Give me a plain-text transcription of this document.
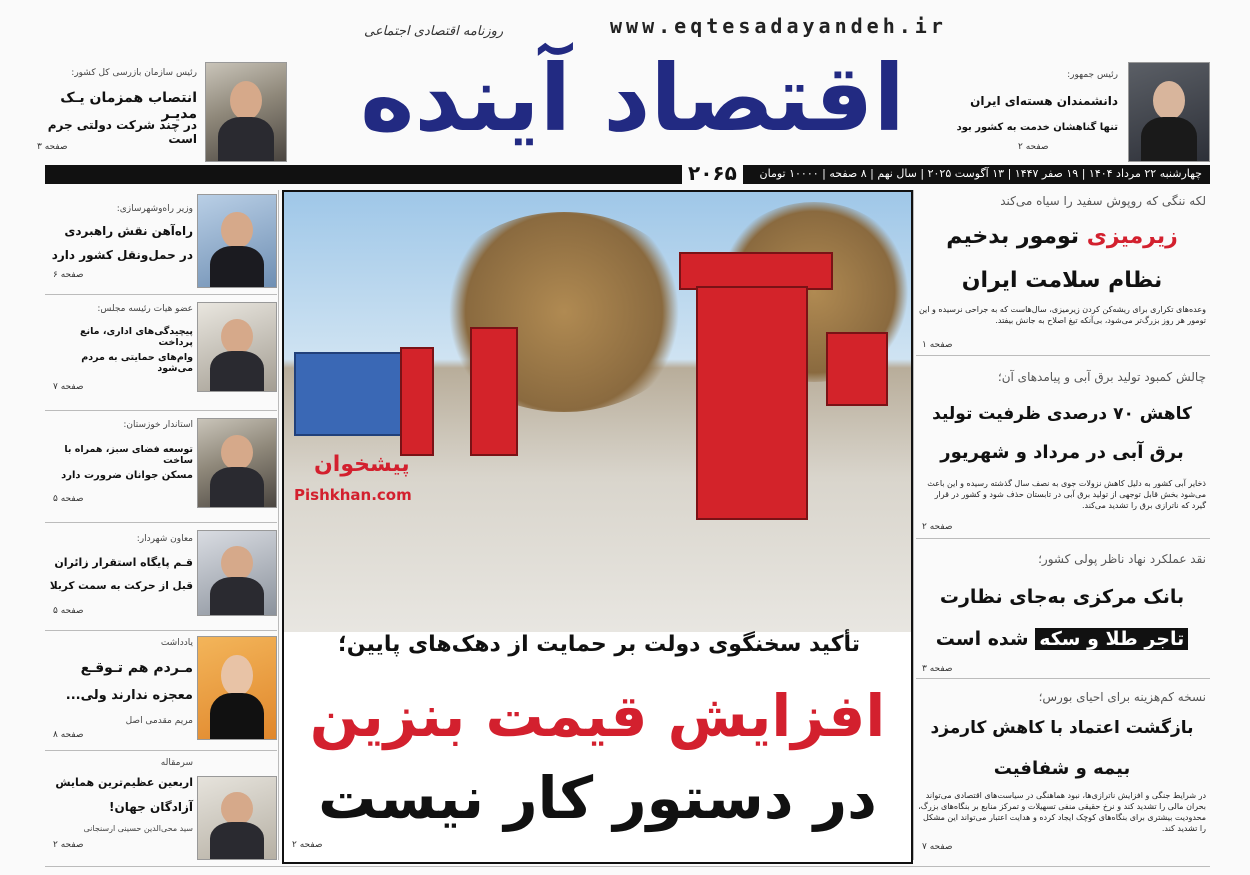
www.eqtesadayandeh.ir
روزنامه اقتصادی اجتماعی
اقتصاد آینده
رئیس سازمان بازرسی کل کشور:
انتصاب همزمان یـک مدیـر
در چند شرکت دولتی جرم است
صفحه ۳
رئیس جمهور:
دانشمندان هسته‌ای ایران
تنها گناهشان خدمت به کشور بود
صفحه ۲
چهارشنبه ۲۲ مرداد ۱۴۰۴ | ۱۹ صفر ۱۴۴۷ | ۱۳ آگوست ۲۰۲۵ | سال نهم | ۸ صفحه | ۱۰۰۰۰ تومان
۲۰۶۵
وزیر راه‌وشهرسازی:
راه‌آهن نقش راهبردی
در حمل‌ونقل کشور دارد
صفحه ۶
عضو هیات رئیسه مجلس:
پیچیدگی‌های اداری، مانع پرداخت
وام‌های حمایتی به مردم می‌شود
صفحه ۷
استاندار خوزستان:
توسعه فضای سبز، همراه با ساخت
مسکن جوانان ضرورت دارد
صفحه ۵
معاون شهردار:
قـم پایگاه استقرار زائران
قبل از حرکت به سمت کربلا
صفحه ۵
یادداشت
مـردم هم تـوقـع
معجزه ندارند ولی...
مریم مقدمی اصل
صفحه ۸
سرمقاله
اربعین عظیم‌ترین همایش
آزادگان جهان!
سید محی‌الدین حسینی ارسنجانی
صفحه ۲
پیشخوان
Pishkhan.com
تأکید سخنگوی دولت بر حمایت از دهک‌های پایین؛
افزایش قیمت بنزین
در دستور کار نیست
صفحه ۲
لکه ننگی که روپوش سفید را سیاه می‌کند
زیرمیزی تومور بدخیم
نظام سلامت ایران
وعده‌های تکراری برای ریشه‌کن کردن زیرمیزی، سال‌هاست که به جراحی نرسیده و این تومور هر روز بزرگ‌تر می‌شود، بی‌آنکه تیغ اصلاح به جانش بیفتد.
صفحه ۱
چالش کمبود تولید برق آبی و پیامدهای آن؛
کاهش ۷۰ درصدی ظرفیت تولید
برق آبی در مرداد و شهریور
ذخایر آبی کشور به دلیل کاهش نزولات جوی به نصف سال گذشته رسیده و این باعث می‌شود بخش قابل توجهی از تولید برق آبی در تابستان حذف شود و کشور در قرار گیرد که ناترازی برق را تشدید می‌کند.
صفحه ۲
نقد عملکرد نهاد ناظر پولی کشور؛
بانک مرکزی به‌جای نظارت
تاجر طلا و سکه شده است
صفحه ۳
نسخه کم‌هزینه برای احیای بورس؛
بازگشت اعتماد با کاهش کارمزد
بیمه و شفافیت
در شرایط جنگی و افزایش ناترازی‌ها، نبود هماهنگی در سیاست‌های اقتصادی می‌تواند بحران مالی را تشدید کند و نرخ حقیقی منفی تسهیلات و تمرکز منابع بر بنگاه‌های بزرگ، محدودیت بیشتری برای بنگاه‌های کوچک ایجاد کرده و هدایت اعتبار می‌تواند این مشکل را تشدید کند.
صفحه ۷
